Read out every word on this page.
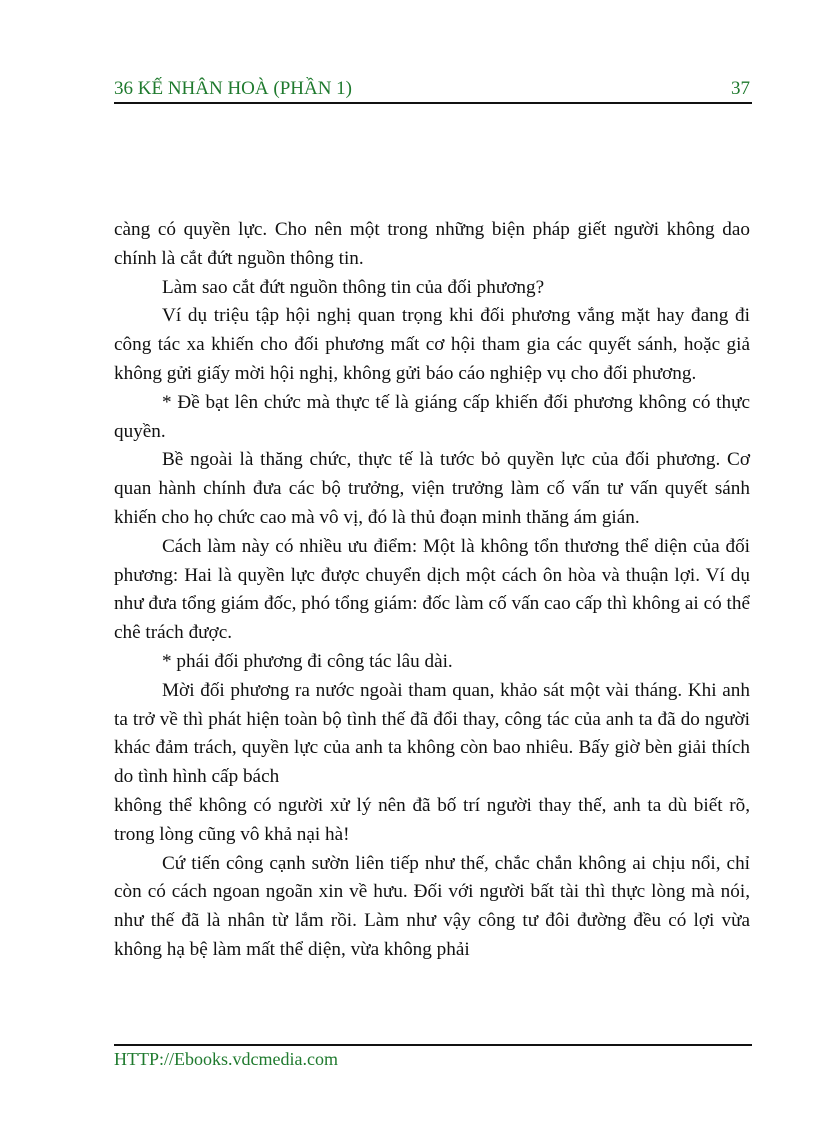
36 KẾ NHÂN HOÀ (PHẦN 1)	37

càng có quyền lực. Cho nên một trong những biện pháp giết người không dao chính là cắt đứt nguồn thông tin.

Làm sao cắt đứt nguồn thông tin của đối phương?

Ví dụ triệu tập hội nghị quan trọng khi đối phương vắng mặt hay đang đi công tác xa khiến cho đối phương mất cơ hội tham gia các quyết sánh, hoặc giả không gửi giấy mời hội nghị, không gửi báo cáo nghiệp vụ cho đối phương.

* Đề bạt lên chức mà thực tế là giáng cấp khiến đối phương không có thực quyền.

Bề ngoài là thăng chức, thực tế là tước bỏ quyền lực của đối phương. Cơ quan hành chính đưa các bộ trưởng, viện trưởng làm cố vấn tư vấn quyết sánh khiến cho họ chức cao mà vô vị, đó là thủ đoạn minh thăng ám gián.

Cách làm này có nhiều ưu điểm: Một là không tổn thương thể diện của đối phương: Hai là quyền lực được chuyển dịch một cách ôn hòa và thuận lợi. Ví dụ như đưa tổng giám đốc, phó tổng giám: đốc làm cố vấn cao cấp thì không ai có thể chê trách được.

* phái đối phương đi công tác lâu dài.

Mời đối phương ra nước ngoài tham quan, khảo sát một vài tháng. Khi anh ta trở về thì phát hiện toàn bộ tình thế đã đổi thay, công tác của anh ta đã do người khác đảm trách, quyền lực của anh ta không còn bao nhiêu. Bấy giờ bèn giải thích do tình hình cấp bách

không thể không có người xử lý nên đã bố trí người thay thế, anh ta dù biết rõ, trong lòng cũng vô khả nại hà!

Cứ tiến công cạnh sườn liên tiếp như thế, chắc chắn không ai chịu nổi, chỉ còn có cách ngoan ngoãn xin về hưu. Đối với người bất tài thì thực lòng mà nói, như thế đã là nhân từ lắm rồi. Làm như vậy công tư đôi đường đều có lợi vừa không hạ bệ làm mất thể diện, vừa không phải

HTTP://Ebooks.vdcmedia.com
